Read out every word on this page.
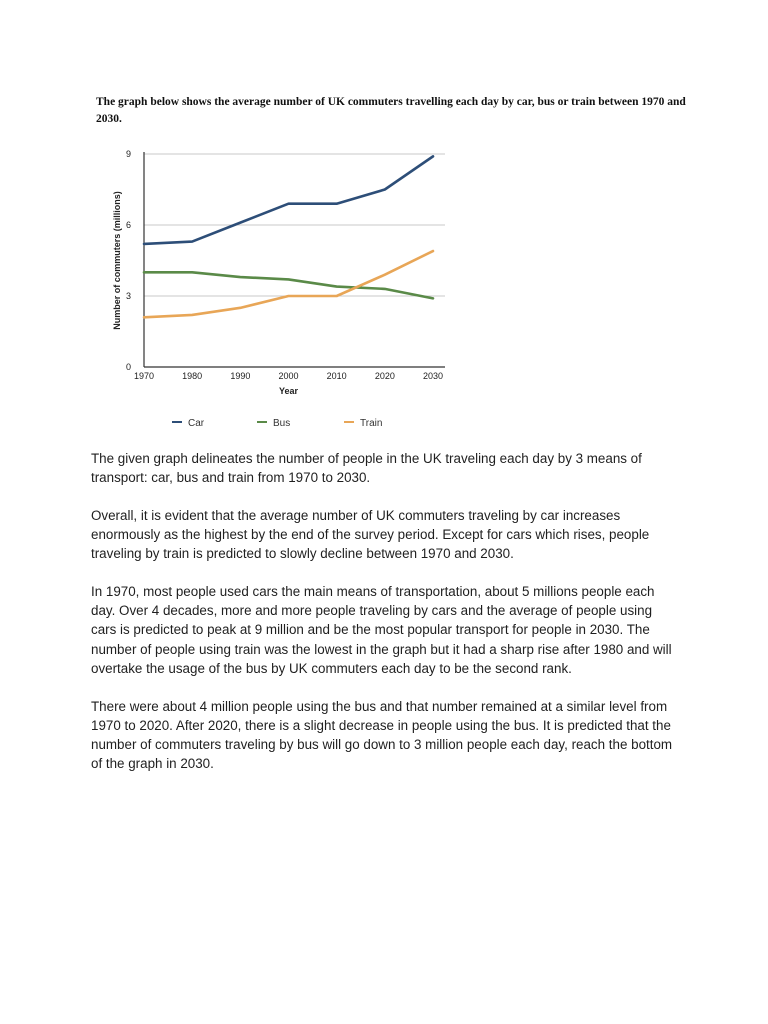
The graph below shows the average number of UK commuters travelling each day by car, bus or train between 1970 and 2030.
0
3
6
9
1970	1980	1990	2000	2010	2020	2030
Year
Number of commuters (millions)
Car	Bus	Train

The given graph delineates the number of people in the UK traveling each day by 3 means of transport: car, bus and train from 1970 to 2030.

Overall, it is evident that the average number of UK commuters traveling by car increases enormously as the highest by the end of the survey period. Except for cars which rises, people traveling by train is predicted to slowly decline between 1970 and 2030.

In 1970, most people used cars the main means of transportation, about 5 millions people each day. Over 4 decades, more and more people traveling by cars and the average of people using cars is predicted to peak at 9 million and be the most popular transport for people in 2030. The number of people using train was the lowest in the graph but it had a sharp rise after 1980 and will overtake the usage of the bus by UK commuters each day to be the second rank.

There were about 4 million people using the bus and that number remained at a similar level from 1970 to 2020. After 2020, there is a slight decrease in people using the bus. It is predicted that the number of commuters traveling by bus will go down to 3 million people each day, reach the bottom of the graph in 2030.
